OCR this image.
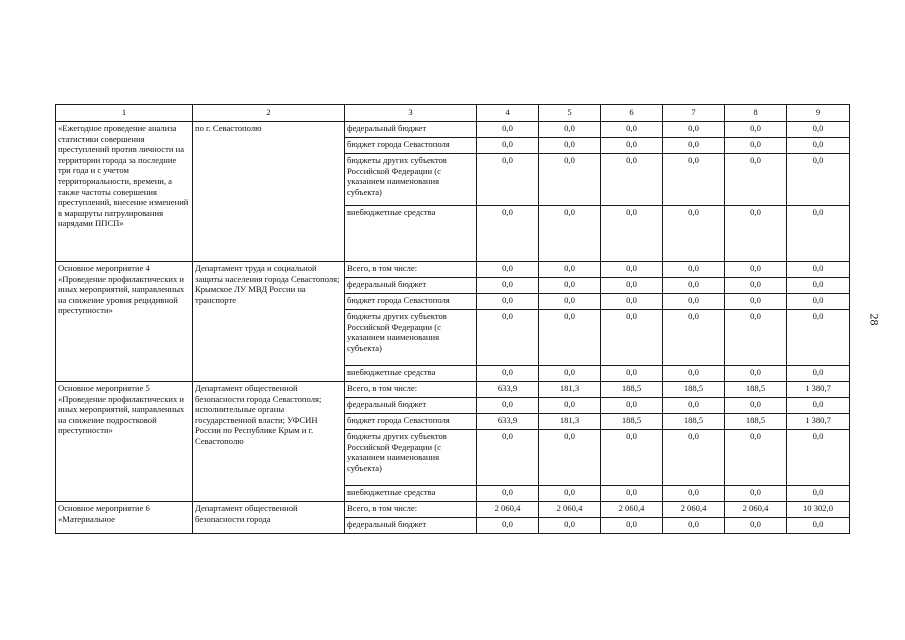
1	2	3	4	5	6	7	8	9
«Ежегодное проведение анализа статистики совершения преступлений против личности на территории города за последние три года и с учетом территориальности, времени, а также частоты совершения преступлений, внесение изменений в маршруты патрулирования нарядами ППСП»	по г. Севастополю	федеральный бюджет	0,0	0,0	0,0	0,0	0,0	0,0
		бюджет города Севастополя	0,0	0,0	0,0	0,0	0,0	0,0
		бюджеты других субъектов Российской Федерации (с указанием наименования субъекта)	0,0	0,0	0,0	0,0	0,0	0,0
		внебюджетные средства	0,0	0,0	0,0	0,0	0,0	0,0
Основное мероприятие 4 «Проведение профилактических и иных мероприятий, направленных на снижение уровня рецидивной преступности»	Департамент труда и социальной защиты населения города Севастополя; Крымское ЛУ МВД России на транспорте	Всего, в том числе:	0,0	0,0	0,0	0,0	0,0	0,0
		федеральный бюджет	0,0	0,0	0,0	0,0	0,0	0,0
		бюджет города Севастополя	0,0	0,0	0,0	0,0	0,0	0,0
		бюджеты других субъектов Российской Федерации (с указанием наименования субъекта)	0,0	0,0	0,0	0,0	0,0	0,0
		внебюджетные средства	0,0	0,0	0,0	0,0	0,0	0,0
Основное мероприятие 5 «Проведение профилактических и иных мероприятий, направленных на снижение подростковой преступности»	Департамент общественной безопасности города Севастополя; исполнительные органы государственной власти; УФСИН России по Республике Крым и г. Севастополю	Всего, в том числе:	633,9	181,3	188,5	188,5	188,5	1 380,7
		федеральный бюджет	0,0	0,0	0,0	0,0	0,0	0,0
		бюджет города Севастополя	633,9	181,3	188,5	188,5	188,5	1 380,7
		бюджеты других субъектов Российской Федерации (с указанием наименования субъекта)	0,0	0,0	0,0	0,0	0,0	0,0
		внебюджетные средства	0,0	0,0	0,0	0,0	0,0	0,0
Основное мероприятие 6 «Материальное	Департамент общественной безопасности города	Всего, в том числе:	2 060,4	2 060,4	2 060,4	2 060,4	2 060,4	10 302,0
		федеральный бюджет	0,0	0,0	0,0	0,0	0,0	0,0
28
